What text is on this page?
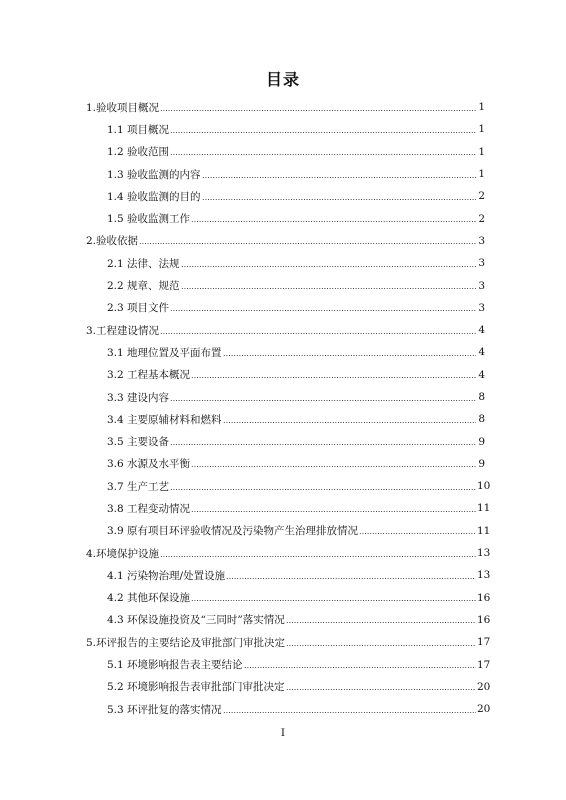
目录
1.验收项目概况	1
1.1 项目概况	1
1.2 验收范围	1
1.3 验收监测的内容	1
1.4 验收监测的目的	2
1.5 验收监测工作	2
2.验收依据	3
2.1 法律、法规	3
2.2 规章、规范	3
2.3 项目文件	3
3.工程建设情况	4
3.1 地理位置及平面布置	4
3.2 工程基本概况	4
3.3 建设内容	8
3.4 主要原辅材料和燃料	8
3.5 主要设备	9
3.6 水源及水平衡	9
3.7 生产工艺	10
3.8 工程变动情况	11
3.9 原有项目环评验收情况及污染物产生治理排放情况	11
4.环境保护设施	13
4.1 污染物治理/处置设施	13
4.2 其他环保设施	16
4.3 环保设施投资及“三同时”落实情况	16
5.环评报告的主要结论及审批部门审批决定	17
5.1 环境影响报告表主要结论	17
5.2 环境影响报告表审批部门审批决定	20
5.3 环评批复的落实情况	20
I
